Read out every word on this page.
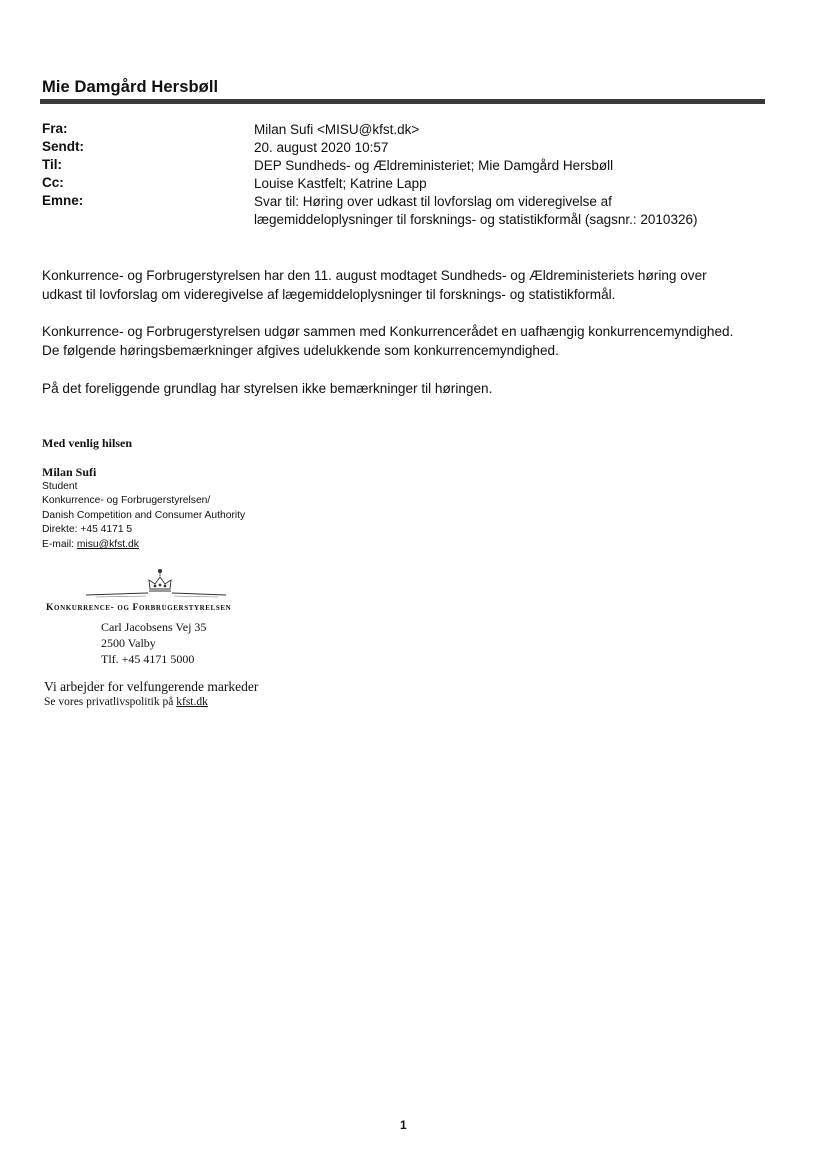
Mie Damgård Hersbøll
Fra:	Milan Sufi <MISU@kfst.dk>
Sendt:	20. august 2020 10:57
Til:	DEP Sundheds- og Ældreministeriet; Mie Damgård Hersbøll
Cc:	Louise Kastfelt; Katrine Lapp
Emne:	Svar til: Høring over udkast til lovforslag om videregivelse af
lægemiddeloplysninger til forsknings- og statistikformål (sagsnr.: 2010326)
Konkurrence- og Forbrugerstyrelsen har den 11. august modtaget Sundheds- og Ældreministeriets høring over
udkast til lovforslag om videregivelse af lægemiddeloplysninger til forsknings- og statistikformål.
Konkurrence- og Forbrugerstyrelsen udgør sammen med Konkurrencerådet en uafhængig konkurrencemyndighed.
De følgende høringsbemærkninger afgives udelukkende som konkurrencemyndighed.
På det foreliggende grundlag har styrelsen ikke bemærkninger til høringen.
Med venlig hilsen
Milan Sufi
Student
Konkurrence- og Forbrugerstyrelsen/
Danish Competition and Consumer Authority
Direkte: +45 4171 5
E-mail: misu@kfst.dk
Konkurrence- og Forbrugerstyrelsen
Carl Jacobsens Vej 35
2500 Valby
Tlf. +45 4171 5000
Vi arbejder for velfungerende markeder
Se vores privatlivspolitik på kfst.dk
1
